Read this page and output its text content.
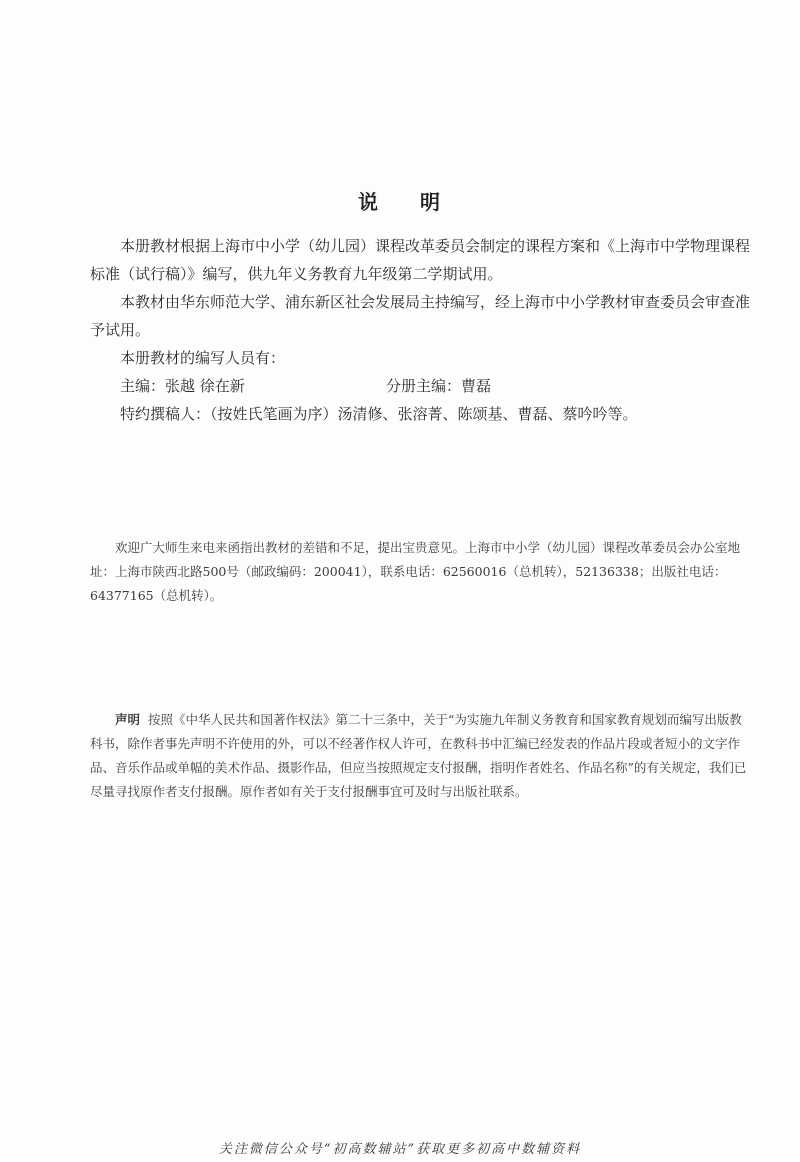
说 明

本册教材根据上海市中小学（幼儿园）课程改革委员会制定的课程方案和《上海市中学物理课程标准（试行稿）》编写，供九年义务教育九年级第二学期试用。

本教材由华东师范大学、浦东新区社会发展局主持编写，经上海市中小学教材审查委员会审查准予试用。

本册教材的编写人员有：

主编：张越 徐在新	分册主编：曹磊

特约撰稿人：（按姓氏笔画为序）汤清修、张溶菁、陈颂基、曹磊、蔡吟吟等。

欢迎广大师生来电来函指出教材的差错和不足，提出宝贵意见。上海市中小学（幼儿园）课程改革委员会办公室地址：上海市陕西北路500号（邮政编码：200041），联系电话：62560016（总机转），52136338；出版社电话：64377165（总机转）。

声明 按照《中华人民共和国著作权法》第二十三条中，关于“为实施九年制义务教育和国家教育规划而编写出版教科书，除作者事先声明不许使用的外，可以不经著作权人许可，在教科书中汇编已经发表的作品片段或者短小的文字作品、音乐作品或单幅的美术作品、摄影作品，但应当按照规定支付报酬，指明作者姓名、作品名称”的有关规定，我们已尽量寻找原作者支付报酬。原作者如有关于支付报酬事宜可及时与出版社联系。

关注微信公众号“初高数辅站”获取更多初高中数辅资料
